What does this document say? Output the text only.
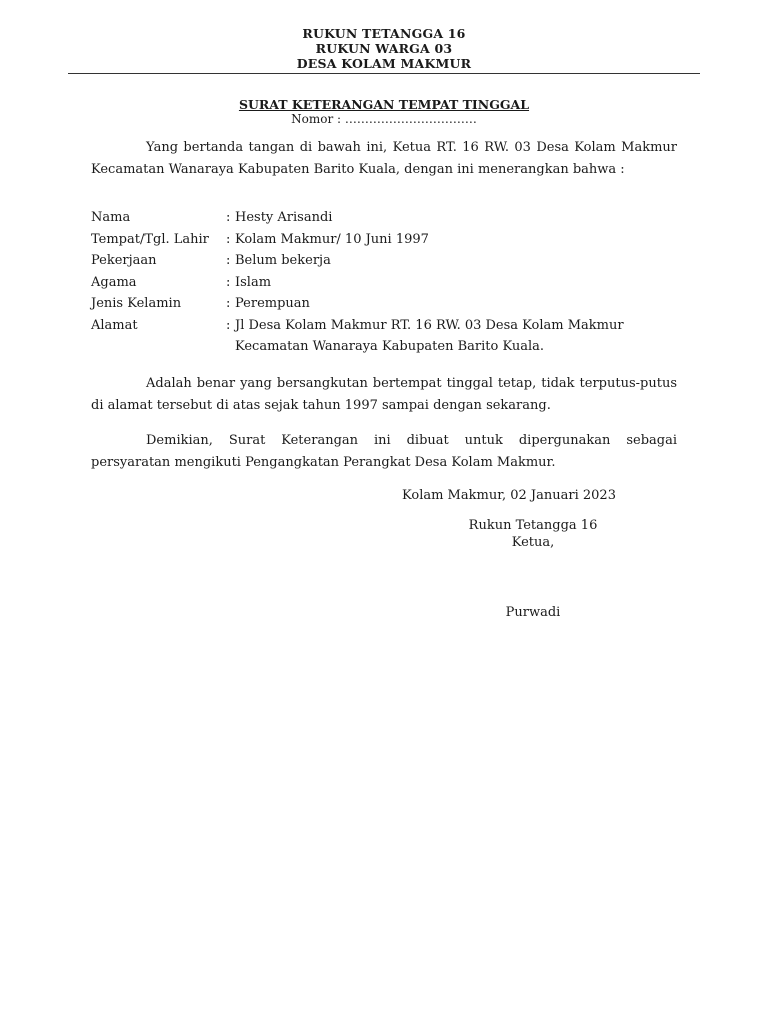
RUKUN TETANGGA 16
RUKUN WARGA 03
DESA KOLAM MAKMUR
SURAT KETERANGAN TEMPAT TINGGAL
Nomor : ……………………………

Yang bertanda tangan di bawah ini, Ketua RT. 16 RW. 03 Desa Kolam Makmur Kecamatan Wanaraya Kabupaten Barito Kuala, dengan ini menerangkan bahwa :

Nama	: Hesty Arisandi
Tempat/Tgl. Lahir	: Kolam Makmur/ 10 Juni 1997
Pekerjaan	: Belum bekerja
Agama	: Islam
Jenis Kelamin	: Perempuan
Alamat	: Jl Desa Kolam Makmur RT. 16 RW. 03 Desa Kolam Makmur Kecamatan Wanaraya Kabupaten Barito Kuala.

Adalah benar yang bersangkutan bertempat tinggal tetap, tidak terputus-putus di alamat tersebut di atas sejak tahun 1997 sampai dengan sekarang.

Demikian, Surat Keterangan ini dibuat untuk dipergunakan sebagai persyaratan mengikuti Pengangkatan Perangkat Desa Kolam Makmur.

Kolam Makmur, 02 Januari 2023
Rukun Tetangga 16
Ketua,
Purwadi
